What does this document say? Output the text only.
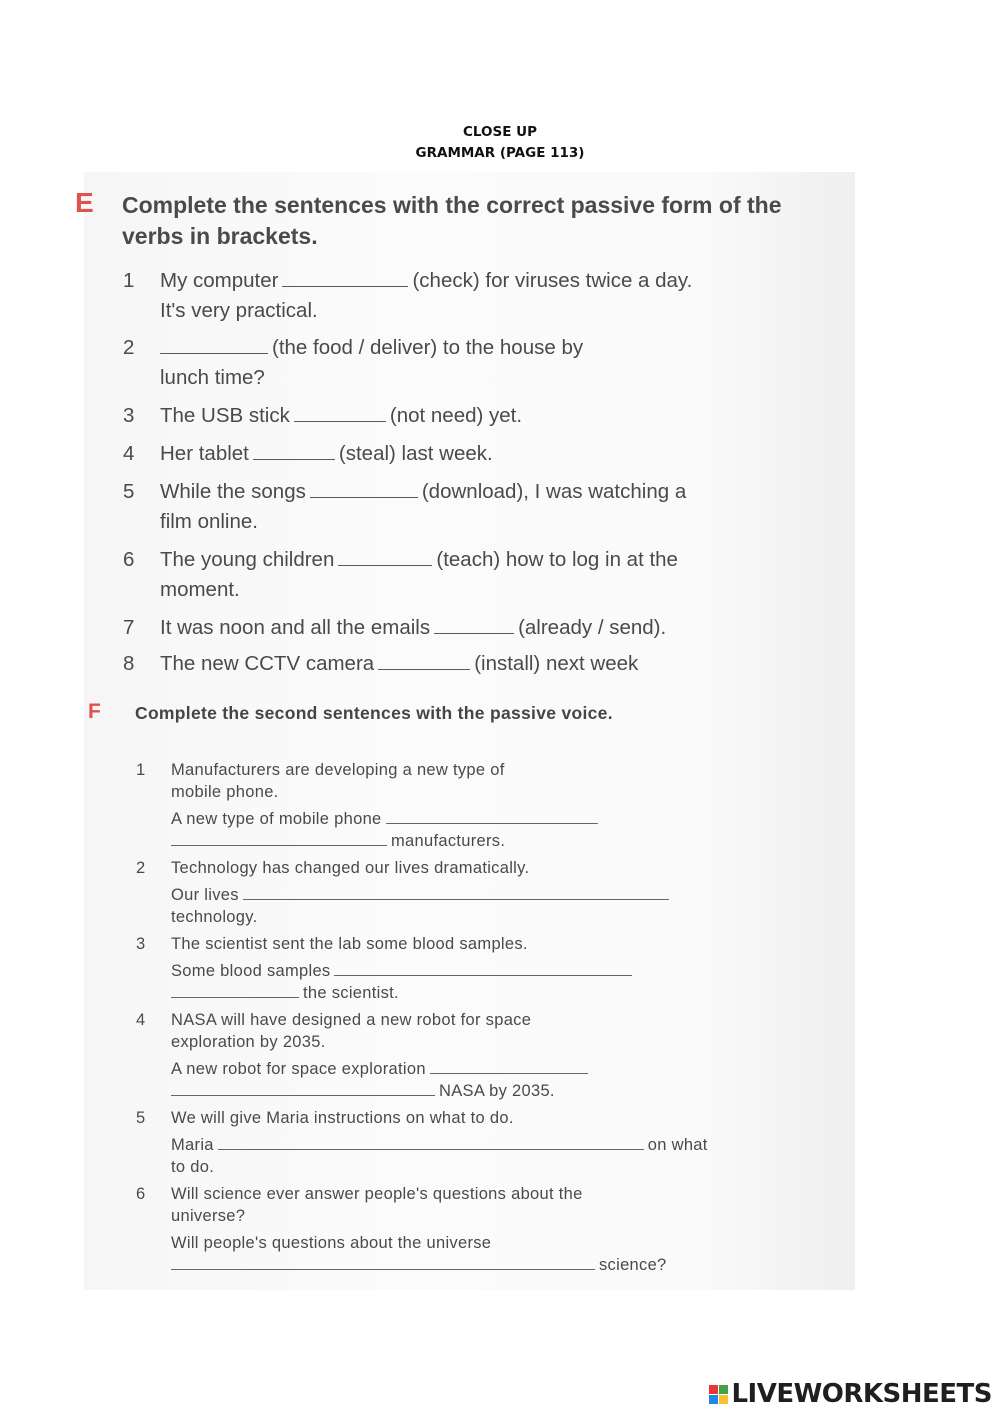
CLOSE UP
GRAMMAR (PAGE 113)
E Complete the sentences with the correct passive form of the verbs in brackets.
1 My computer	(check) for viruses twice a day.
It's very practical.
2	(the food / deliver) to the house by
lunch time?
3 The USB stick	(not need) yet.
4 Her tablet	(steal) last week.
5 While the songs	(download), I was watching a
film online.
6 The young children	(teach) how to log in at the
moment.
7 It was noon and all the emails	(already / send).
8 The new CCTV camera	(install) next week
F Complete the second sentences with the passive voice.
1 Manufacturers are developing a new type of
mobile phone.
A new type of mobile phone
manufacturers.
2 Technology has changed our lives dramatically.
Our lives
technology.
3 The scientist sent the lab some blood samples.
Some blood samples
the scientist.
4 NASA will have designed a new robot for space
exploration by 2035.
A new robot for space exploration
NASA by 2035.
5 We will give Maria instructions on what to do.
Maria	on what
to do.
6 Will science ever answer people's questions about the
universe?
Will people's questions about the universe
science?
LIVEWORKSHEETS
